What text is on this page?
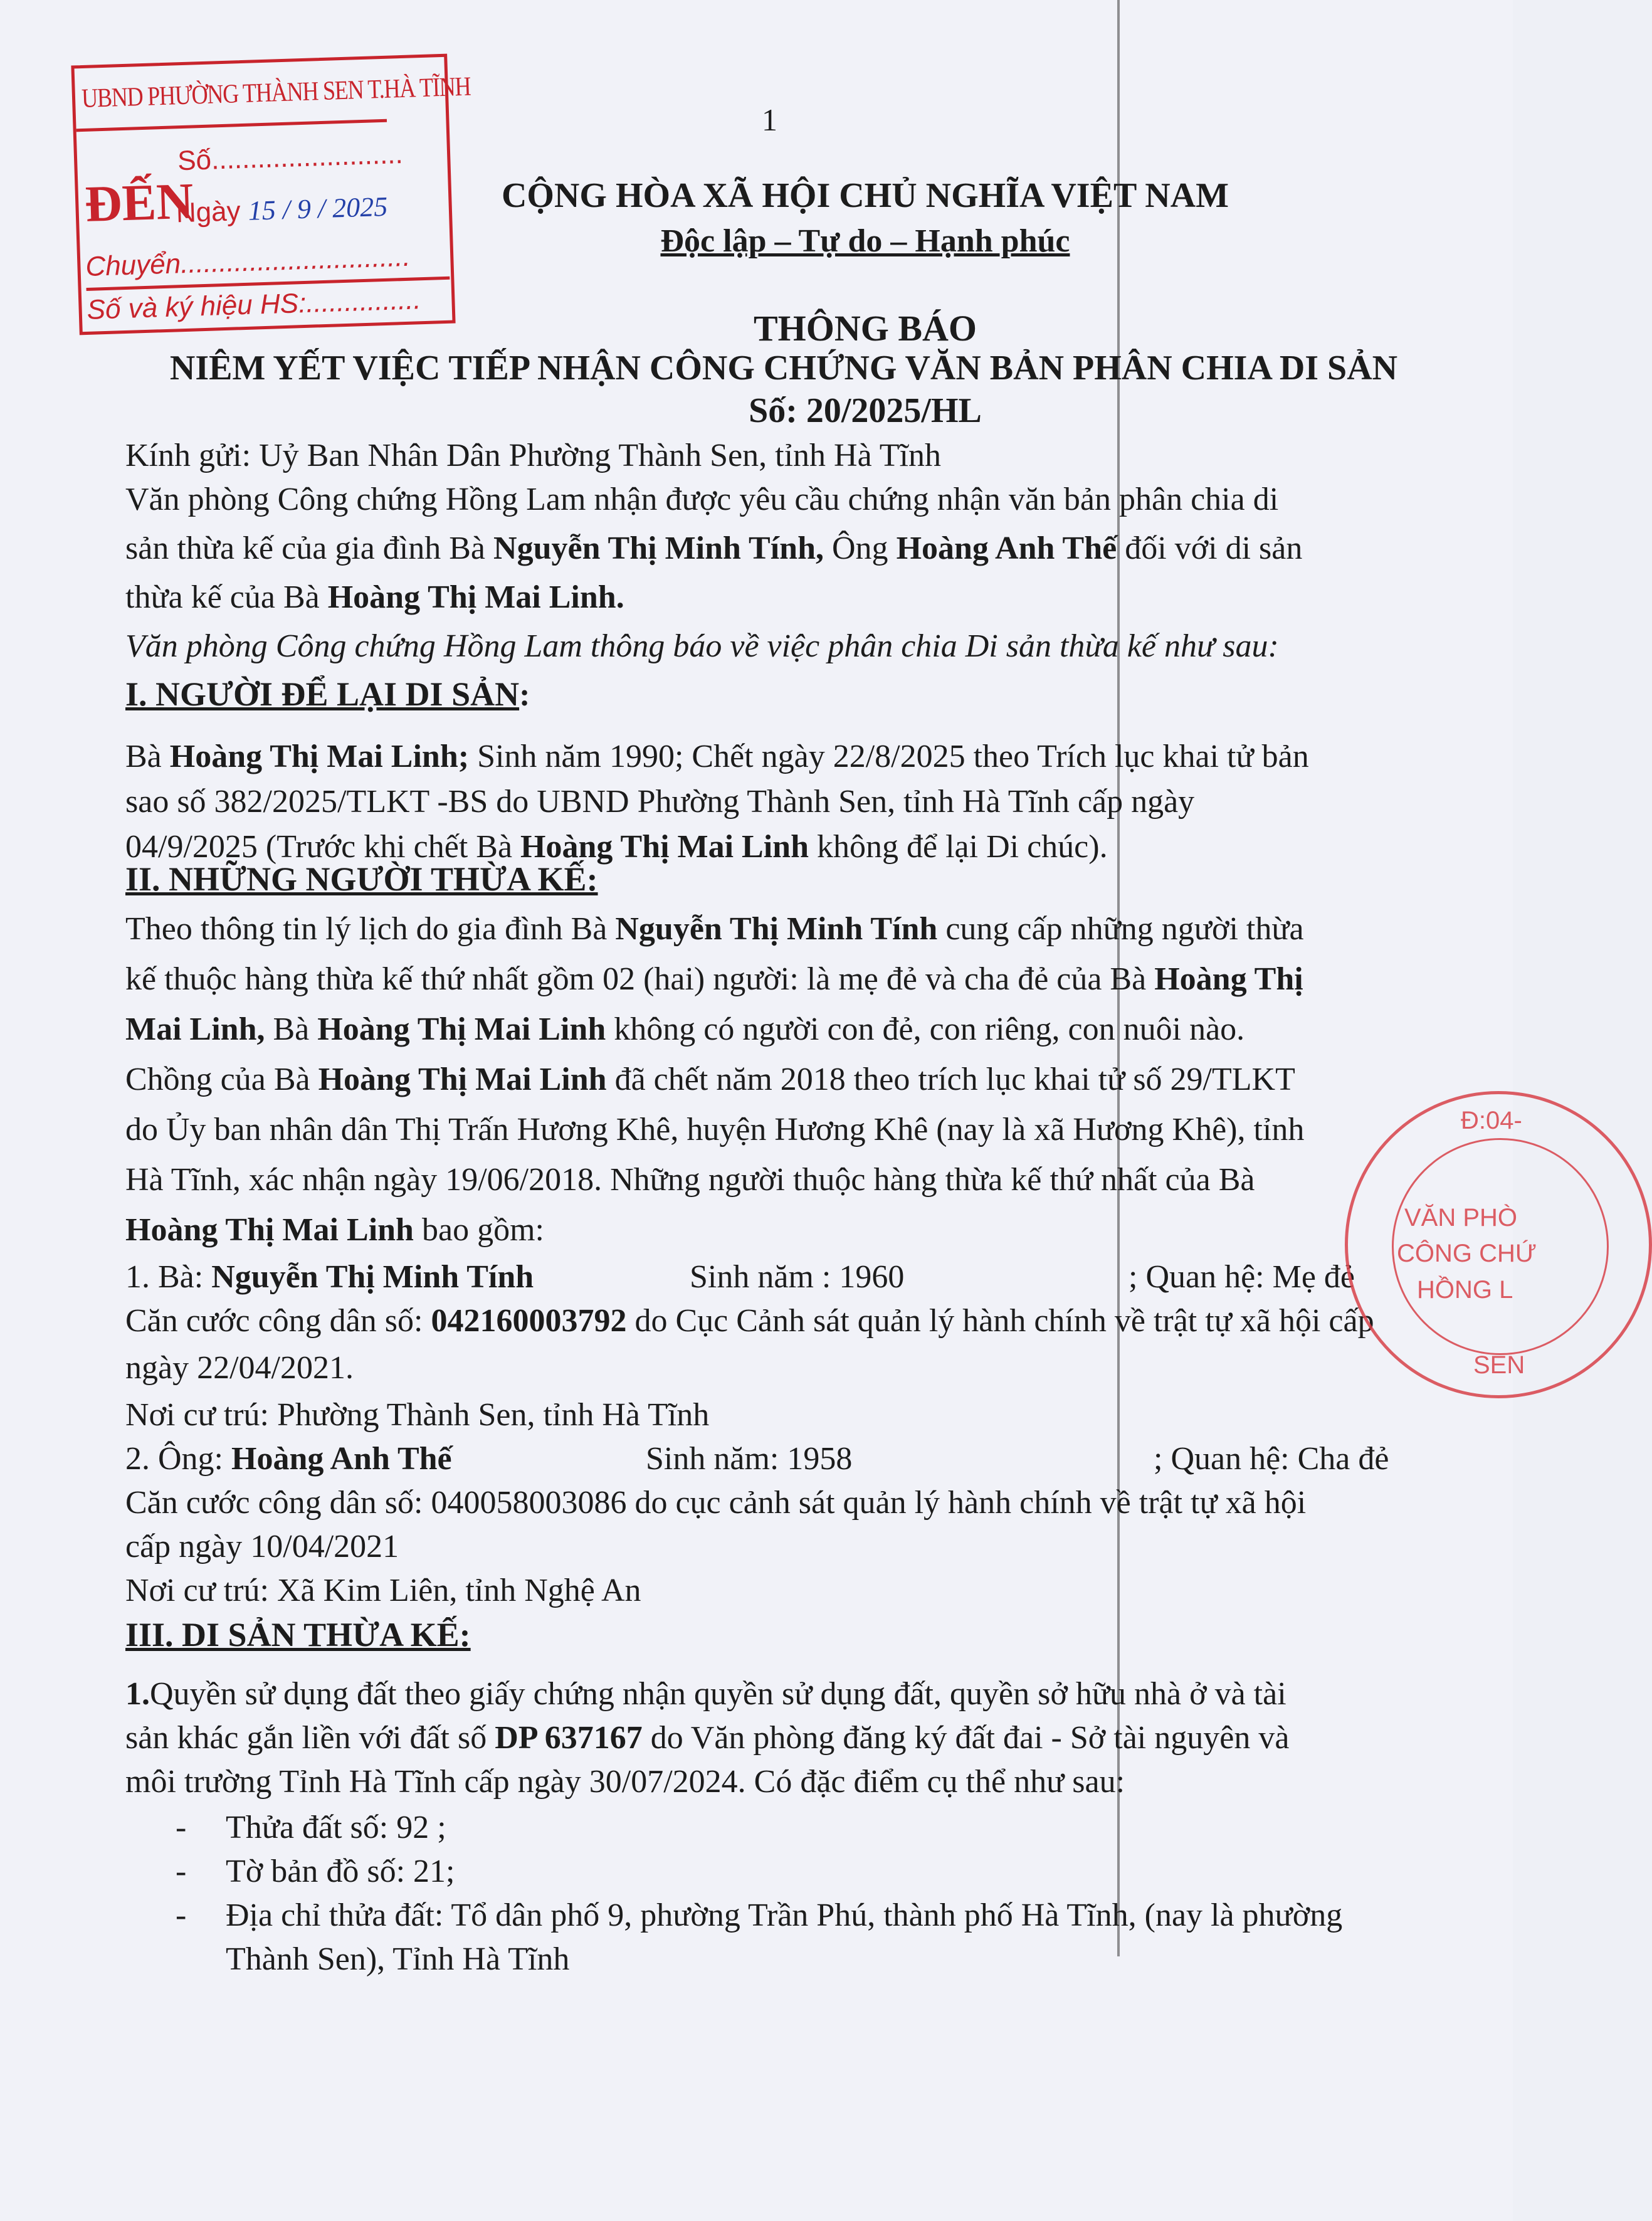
1
UBND PHƯỜNG THÀNH SEN T.HÀ TĨNH
ĐẾN
Số.........................
Ngày 15 / 9 / 2025
Chuyển..............................
Số và ký hiệu HS:...............
CỘNG HÒA XÃ HỘI CHỦ NGHĨA VIỆT NAM
Độc lập – Tự do – Hạnh phúc
THÔNG BÁO
NIÊM YẾT VIỆC TIẾP NHẬN CÔNG CHỨNG VĂN BẢN PHÂN CHIA DI SẢN
Số: 20/2025/HL
Kính gửi: Uỷ Ban Nhân Dân Phường Thành Sen, tỉnh Hà Tĩnh
Văn phòng Công chứng Hồng Lam nhận được yêu cầu chứng nhận văn bản phân chia di
sản thừa kế của gia đình Bà Nguyễn Thị Minh Tính, Ông Hoàng Anh Thế đối với di sản
thừa kế của Bà Hoàng Thị Mai Linh.
Văn phòng Công chứng Hồng Lam thông báo về việc phân chia Di sản thừa kế như sau:
I. NGƯỜI ĐỂ LẠI DI SẢN:
Bà Hoàng Thị Mai Linh; Sinh năm 1990; Chết ngày 22/8/2025 theo Trích lục khai tử bản
sao số 382/2025/TLKT -BS do UBND Phường Thành Sen, tỉnh Hà Tĩnh cấp ngày
04/9/2025 (Trước khi chết Bà Hoàng Thị Mai Linh không để lại Di chúc).
II. NHỮNG NGƯỜI THỪA KẾ:
Theo thông tin lý lịch do gia đình Bà Nguyễn Thị Minh Tính cung cấp những người thừa
kế thuộc hàng thừa kế thứ nhất gồm 02 (hai) người: là mẹ đẻ và cha đẻ của Bà Hoàng Thị
Mai Linh, Bà Hoàng Thị Mai Linh không có người con đẻ, con riêng, con nuôi nào.
Chồng của Bà Hoàng Thị Mai Linh đã chết năm 2018 theo trích lục khai tử số 29/TLKT
do Ủy ban nhân dân Thị Trấn Hương Khê, huyện Hương Khê (nay là xã Hương Khê), tỉnh
Hà Tĩnh, xác nhận ngày 19/06/2018. Những người thuộc hàng thừa kế thứ nhất của Bà
Hoàng Thị Mai Linh bao gồm:
1. Bà: Nguyễn Thị Minh Tính	Sinh năm : 1960	; Quan hệ: Mẹ đẻ
Căn cước công dân số: 042160003792 do Cục Cảnh sát quản lý hành chính về trật tự xã hội cấp
ngày 22/04/2021.
Nơi cư trú: Phường Thành Sen, tỉnh Hà Tĩnh
2. Ông: Hoàng Anh Thế	Sinh năm: 1958	; Quan hệ: Cha đẻ
Căn cước công dân số: 040058003086 do cục cảnh sát quản lý hành chính về trật tự xã hội
cấp ngày 10/04/2021
Nơi cư trú: Xã Kim Liên, tỉnh Nghệ An
III. DI SẢN THỪA KẾ:
1.Quyền sử dụng đất theo giấy chứng nhận quyền sử dụng đất, quyền sở hữu nhà ở và tài
sản khác gắn liền với đất số DP 637167 do Văn phòng đăng ký đất đai - Sở tài nguyên và
môi trường Tỉnh Hà Tĩnh cấp ngày 30/07/2024. Có đặc điểm cụ thể như sau:
- Thửa đất số: 92 ;
- Tờ bản đồ số: 21;
- Địa chỉ thửa đất: Tổ dân phố 9, phường Trần Phú, thành phố Hà Tĩnh, (nay là phường
Thành Sen), Tỉnh Hà Tĩnh
Đ:04-
VĂN PHÒ
CÔNG CHỨ
HỒNG L
SEN
